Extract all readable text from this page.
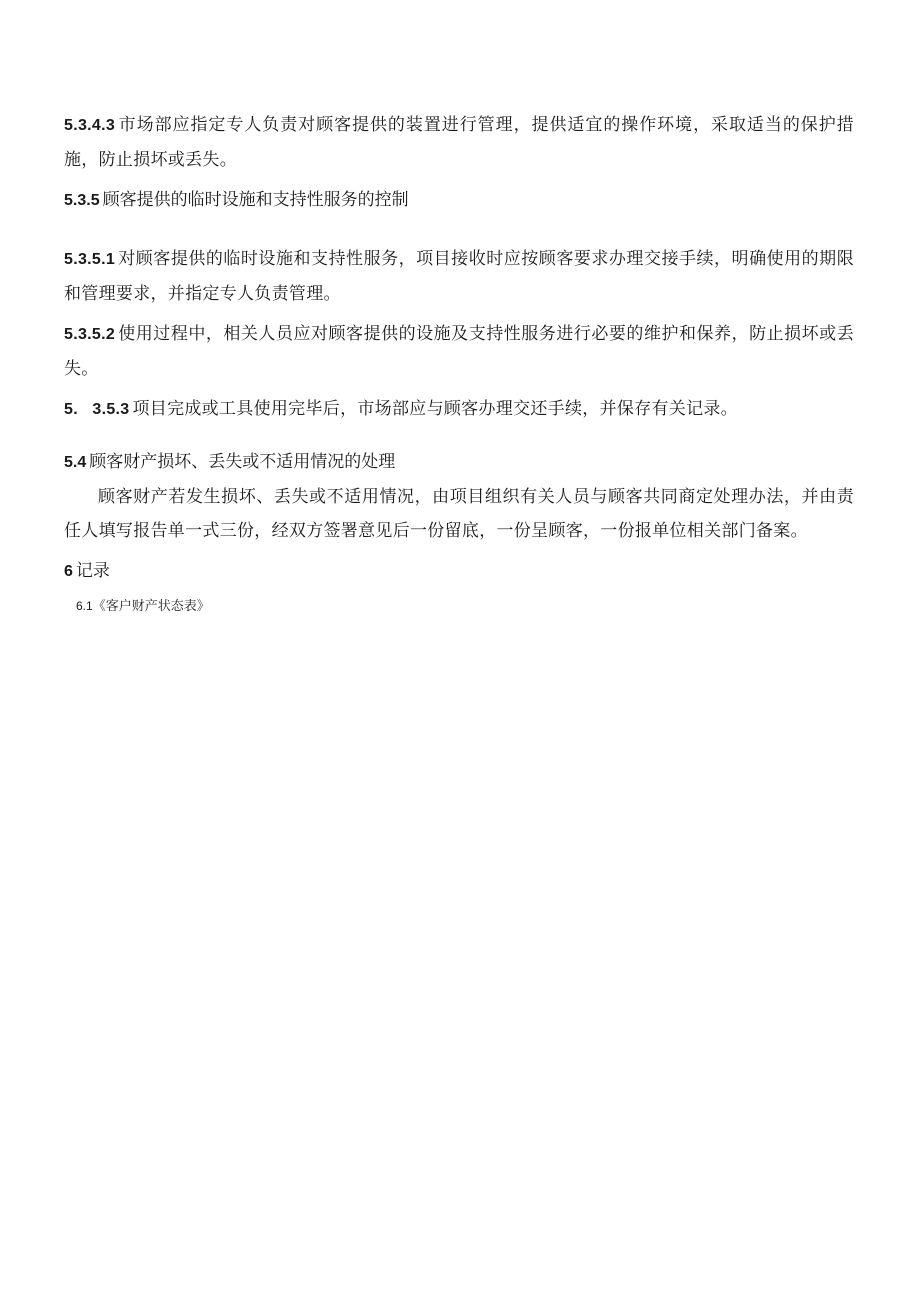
5.3.4.3 市场部应指定专人负责对顾客提供的装置进行管理，提供适宜的操作环境，采取适当的保护措施，防止损坏或丢失。

5.3.5 顾客提供的临时设施和支持性服务的控制

5.3.5.1 对顾客提供的临时设施和支持性服务，项目接收时应按顾客要求办理交接手续，明确使用的期限和管理要求，并指定专人负责管理。

5.3.5.2 使用过程中，相关人员应对顾客提供的设施及支持性服务进行必要的维护和保养，防止损坏或丢失。

5. 3.5.3 项目完成或工具使用完毕后，市场部应与顾客办理交还手续，并保存有关记录。

5.4 顾客财产损坏、丢失或不适用情况的处理

顾客财产若发生损坏、丢失或不适用情况，由项目组织有关人员与顾客共同商定处理办法，并由责任人填写报告单一式三份，经双方签署意见后一份留底，一份呈顾客，一份报单位相关部门备案。

6 记录

6.1《客户财产状态表》
